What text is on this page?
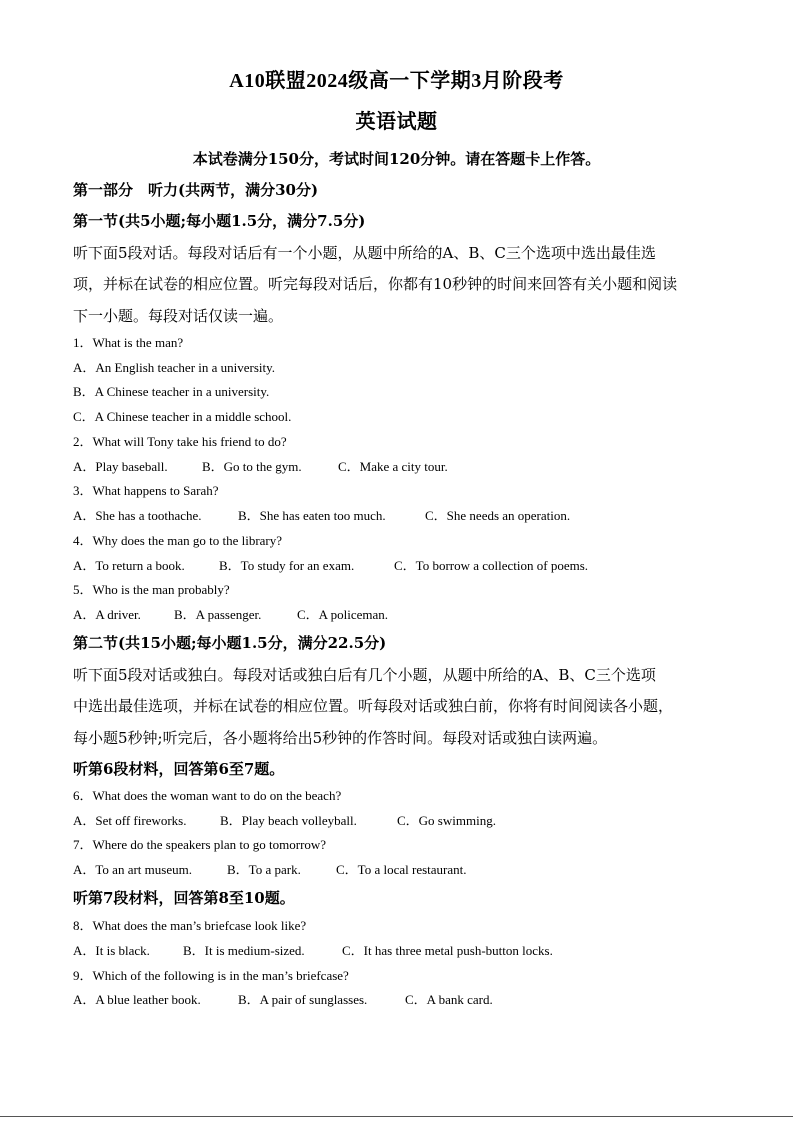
A10联盟2024级高一下学期3月阶段考
英语试题
本试卷满分150分，考试时间120分钟。请在答题卡上作答。
第一部分　听力(共两节，满分30分)
第一节(共5小题;每小题1.5分，满分7.5分)
听下面5段对话。每段对话后有一个小题，从题中所给的A、B、C三个选项中选出最佳选
项，并标在试卷的相应位置。听完每段对话后，你都有10秒钟的时间来回答有关小题和阅读
下一小题。每段对话仅读一遍。
1．What is the man?
A．An English teacher in a university.
B．A Chinese teacher in a university.
C．A Chinese teacher in a middle school.
2．What will Tony take his friend to do?
A．Play baseball.	B．Go to the gym.	C．Make a city tour.
3．What happens to Sarah?
A．She has a toothache.	B．She has eaten too much.	C．She needs an operation.
4．Why does the man go to the library?
A．To return a book.	B．To study for an exam.	C．To borrow a collection of poems.
5．Who is the man probably?
A．A driver.	B．A passenger.	C．A policeman.
第二节(共15小题;每小题1.5分，满分22.5分)
听下面5段对话或独白。每段对话或独白后有几个小题，从题中所给的A、B、C三个选项
中选出最佳选项，并标在试卷的相应位置。听每段对话或独白前，你将有时间阅读各小题，
每小题5秒钟;听完后，各小题将给出5秒钟的作答时间。每段对话或独白读两遍。
听第6段材料，回答第6至7题。
6．What does the woman want to do on the beach?
A．Set off fireworks.	B．Play beach volleyball.	C．Go swimming.
7．Where do the speakers plan to go tomorrow?
A．To an art museum.	B．To a park.	C．To a local restaurant.
听第7段材料，回答第8至10题。
8．What does the man’s briefcase look like?
A．It is black.	B．It is medium-sized.	C．It has three metal push-button locks.
9．Which of the following is in the man’s briefcase?
A．A blue leather book.	B．A pair of sunglasses.	C．A bank card.
